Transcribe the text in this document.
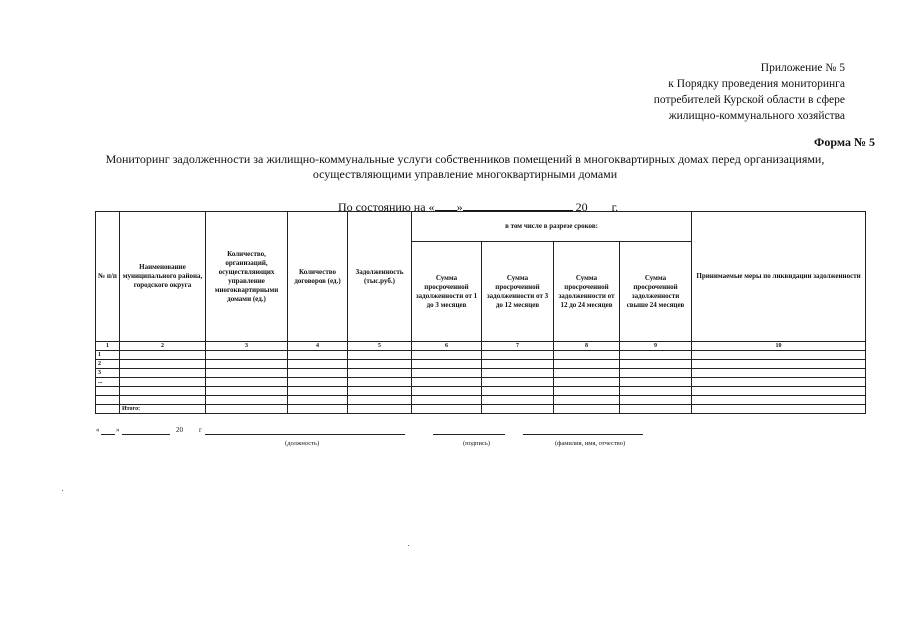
Приложение № 5
к Порядку проведения мониторинга
потребителей Курской области в сфере
жилищно-коммунального хозяйства
Форма № 5
Мониторинг задолженности за жилищно-коммунальные услуги собственников помещений в многоквартирных домах перед организациями,
осуществляющими управление многоквартирными домами
По состоянию на « »	20 г.
№ п/п	Наименование муниципального района, городского округа	Количество, организаций, осуществляющих управление многоквартирными домами (ед.)	Количество договоров (ед.)	Задолженность (тыс.руб.)	в том числе в разрезе сроков:				Принимаемые меры по ликвидации задолженности
					Сумма просроченной задолженности от 1 до 3 месяцев	Сумма просроченной задолженности от 3 до 12 месяцев	Сумма просроченной задолженности от 12 до 24 месяцев	Сумма просроченной задолженности свыше 24 месяцев	
1	2	3	4	5	6	7	8	9	10
1									
2									
3									
...									

	Итого:								
« »	20 г
(должность)	(подпись)	(фамилия, имя, отчество)
